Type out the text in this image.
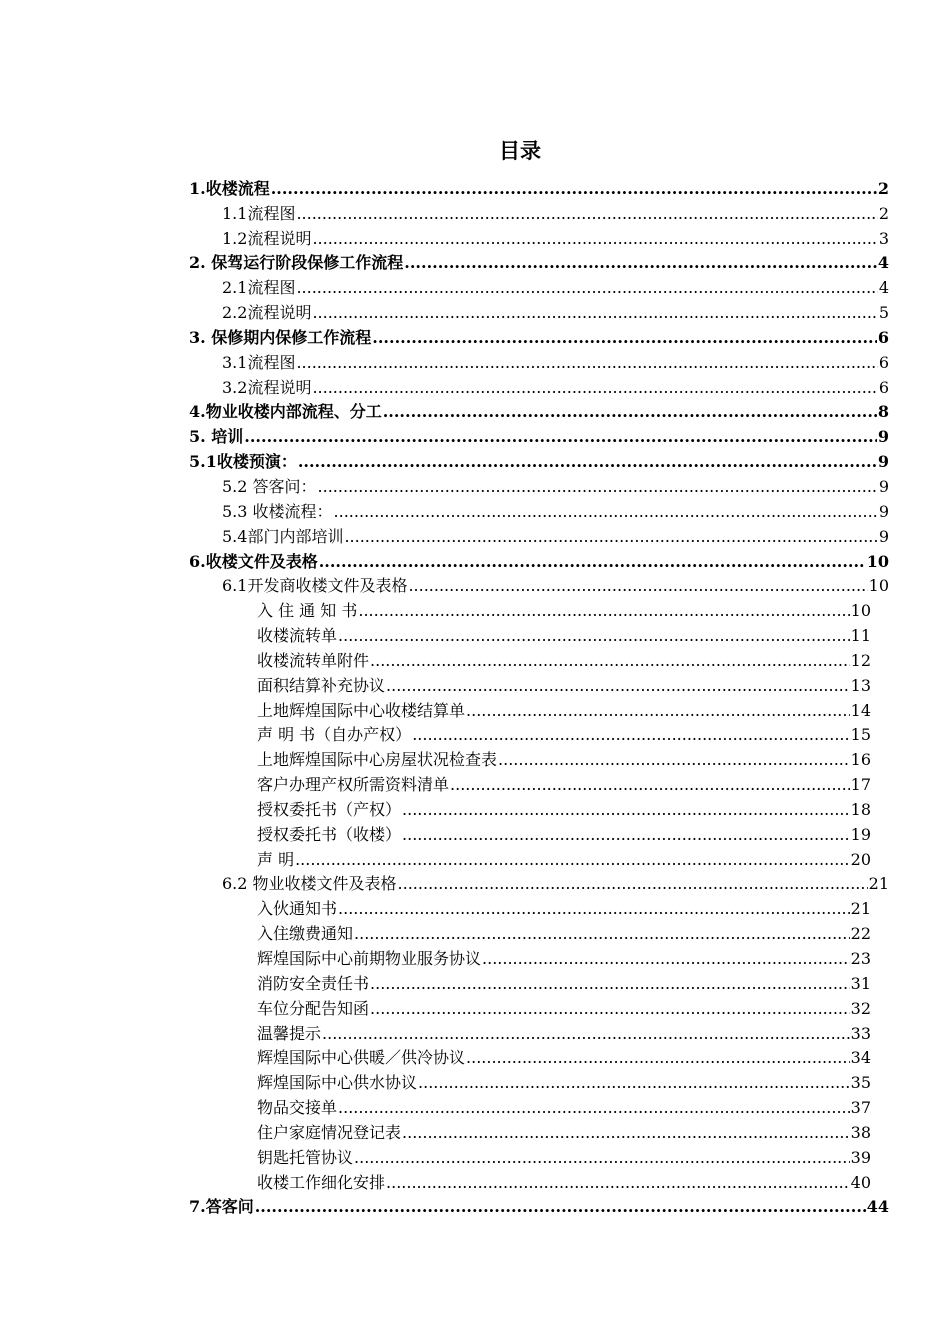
目录
1.收楼流程 .....	2
1.1流程图 .....	2
1.2流程说明 .....	3
2. 保驾运行阶段保修工作流程 .....	4
2.1流程图 .....	4
2.2流程说明 .....	5
3. 保修期内保修工作流程 .....	6
3.1流程图 .....	6
3.2流程说明 .....	6
4.物业收楼内部流程、分工 .....	8
5. 培训 .....	9
5.1收楼预演： .....	9
5.2 答客问： .....	9
5.3 收楼流程： .....	9
5.4部门内部培训 .....	9
6.收楼文件及表格 .....	10
6.1开发商收楼文件及表格 .....	10
入 住 通 知 书 .....	10
收楼流转单 .....	11
收楼流转单附件 .....	12
面积结算补充协议 .....	13
上地辉煌国际中心收楼结算单 .....	14
声 明 书（自办产权） .....	15
上地辉煌国际中心房屋状况检查表 .....	16
客户办理产权所需资料清单 .....	17
授权委托书（产权） .....	18
授权委托书（收楼） .....	19
声 明 .....	20
6.2 物业收楼文件及表格 .....	21
入伙通知书 .....	21
入住缴费通知 .....	22
辉煌国际中心前期物业服务协议 .....	23
消防安全责任书 .....	31
车位分配告知函 .....	32
温馨提示 .....	33
辉煌国际中心供暖／供冷协议 .....	34
辉煌国际中心供水协议 .....	35
物品交接单 .....	37
住户家庭情况登记表 .....	38
钥匙托管协议 .....	39
收楼工作细化安排 .....	40
7.答客问 .....	44
